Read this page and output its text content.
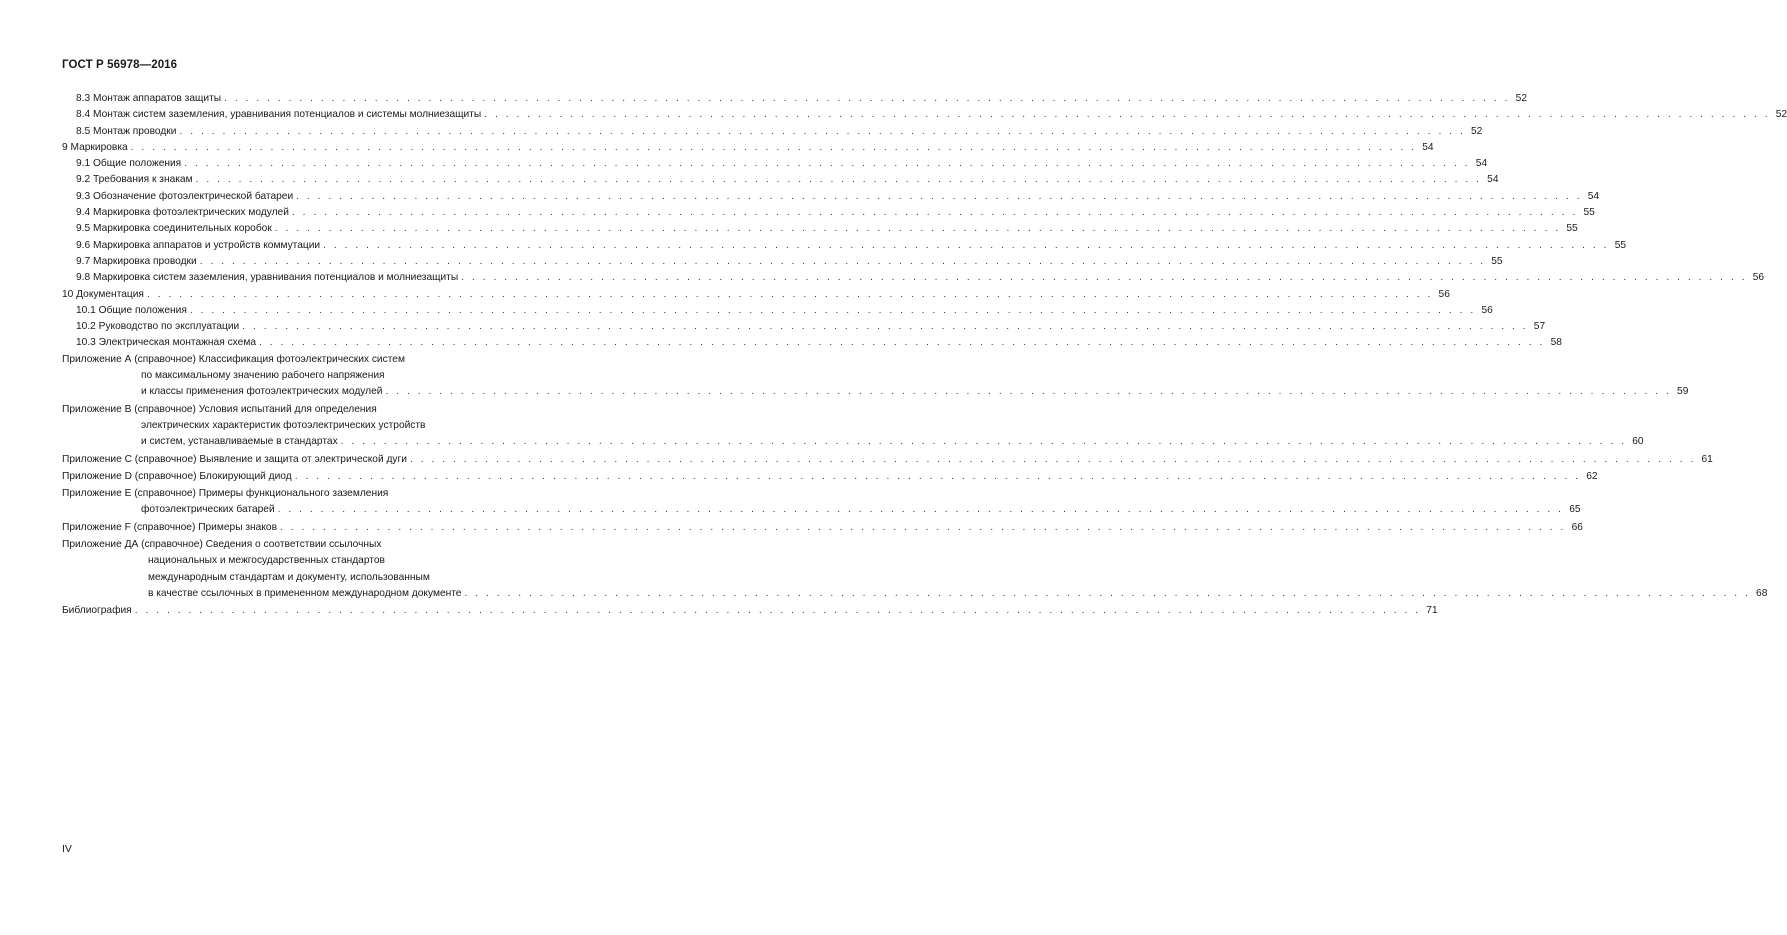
ГОСТ Р 56978—2016
8.3 Монтаж аппаратов защиты . . . . . . . . . . . . . . . . . . . . . . . . . . . . . . . . . . . . . . . . . . . . . . . . . . . . . . . . . . . . . . . . . . . . . . . . . . . . . . . . . . . . . . . . . . . . . . . . . . . . . . . . . . . . . . . . . . . . . . . . 52
8.4 Монтаж систем заземления, уравнивания потенциалов и системы молниезащиты . . . . . . . . . . . . . . . . . . . . . . . . . . . . . . . . . . . . . . . . . . . . . . . . . . . . . . . . . . . . . . . . . . . . . . . . . . . . . . . . . . . . . . . . . . . . . . . . . . . . . . . . . . . . . . . . . . . . . . . . 52
8.5 Монтаж проводки . . . . . . . . . . . . . . . . . . . . . . . . . . . . . . . . . . . . . . . . . . . . . . . . . . . . . . . . . . . . . . . . . . . . . . . . . . . . . . . . . . . . . . . . . . . . . . . . . . . . . . . . . . . . . . . . . . . . . . . . 52
9 Маркировка . . . . . . . . . . . . . . . . . . . . . . . . . . . . . . . . . . . . . . . . . . . . . . . . . . . . . . . . . . . . . . . . . . . . . . . . . . . . . . . . . . . . . . . . . . . . . . . . . . . . . . . . . . . . . . . . . . . . . . . . 54
9.1 Общие положения . . . . . . . . . . . . . . . . . . . . . . . . . . . . . . . . . . . . . . . . . . . . . . . . . . . . . . . . . . . . . . . . . . . . . . . . . . . . . . . . . . . . . . . . . . . . . . . . . . . . . . . . . . . . . . . . . . . . . . . . 54
9.2 Требования к знакам . . . . . . . . . . . . . . . . . . . . . . . . . . . . . . . . . . . . . . . . . . . . . . . . . . . . . . . . . . . . . . . . . . . . . . . . . . . . . . . . . . . . . . . . . . . . . . . . . . . . . . . . . . . . . . . . . . . . . . . . 54
9.3 Обозначение фотоэлектрической батареи . . . . . . . . . . . . . . . . . . . . . . . . . . . . . . . . . . . . . . . . . . . . . . . . . . . . . . . . . . . . . . . . . . . . . . . . . . . . . . . . . . . . . . . . . . . . . . . . . . . . . . . . . . . . . . . . . . . . . . . . 54
9.4 Маркировка фотоэлектрических модулей . . . . . . . . . . . . . . . . . . . . . . . . . . . . . . . . . . . . . . . . . . . . . . . . . . . . . . . . . . . . . . . . . . . . . . . . . . . . . . . . . . . . . . . . . . . . . . . . . . . . . . . . . . . . . . . . . . . . . . . . 55
9.5 Маркировка соединительных коробок . . . . . . . . . . . . . . . . . . . . . . . . . . . . . . . . . . . . . . . . . . . . . . . . . . . . . . . . . . . . . . . . . . . . . . . . . . . . . . . . . . . . . . . . . . . . . . . . . . . . . . . . . . . . . . . . . . . . . . . . 55
9.6 Маркировка аппаратов и устройств коммутации . . . . . . . . . . . . . . . . . . . . . . . . . . . . . . . . . . . . . . . . . . . . . . . . . . . . . . . . . . . . . . . . . . . . . . . . . . . . . . . . . . . . . . . . . . . . . . . . . . . . . . . . . . . . . . . . . . . . . . . . 55
9.7 Маркировка проводки . . . . . . . . . . . . . . . . . . . . . . . . . . . . . . . . . . . . . . . . . . . . . . . . . . . . . . . . . . . . . . . . . . . . . . . . . . . . . . . . . . . . . . . . . . . . . . . . . . . . . . . . . . . . . . . . . . . . . . . . 55
9.8 Маркировка систем заземления, уравнивания потенциалов и молниезащиты . . . . . . . . . . . . . . . . . . . . . . . . . . . . . . . . . . . . . . . . . . . . . . . . . . . . . . . . . . . . . . . . . . . . . . . . . . . . . . . . . . . . . . . . . . . . . . . . . . . . . . . . . . . . . . . . . . . . . . . . 56
10 Документация . . . . . . . . . . . . . . . . . . . . . . . . . . . . . . . . . . . . . . . . . . . . . . . . . . . . . . . . . . . . . . . . . . . . . . . . . . . . . . . . . . . . . . . . . . . . . . . . . . . . . . . . . . . . . . . . . . . . . . . . 56
10.1 Общие положения . . . . . . . . . . . . . . . . . . . . . . . . . . . . . . . . . . . . . . . . . . . . . . . . . . . . . . . . . . . . . . . . . . . . . . . . . . . . . . . . . . . . . . . . . . . . . . . . . . . . . . . . . . . . . . . . . . . . . . . . 56
10.2 Руководство по эксплуатации . . . . . . . . . . . . . . . . . . . . . . . . . . . . . . . . . . . . . . . . . . . . . . . . . . . . . . . . . . . . . . . . . . . . . . . . . . . . . . . . . . . . . . . . . . . . . . . . . . . . . . . . . . . . . . . . . . . . . . . . 57
10.3 Электрическая монтажная схема . . . . . . . . . . . . . . . . . . . . . . . . . . . . . . . . . . . . . . . . . . . . . . . . . . . . . . . . . . . . . . . . . . . . . . . . . . . . . . . . . . . . . . . . . . . . . . . . . . . . . . . . . . . . . . . . . . . . . . . . 58
Приложение А (справочное) Классификация фотоэлектрических систем
по максимальному значению рабочего напряжения
и классы применения фотоэлектрических модулей . . . . . . . . . . . . . . . . . . . . . . . . . . . . . . . . . . . . . . . . . . . . . . . . . . . . . . . . . . . . . . . . . . . . . . . . . . . . . . . . . . . . . . . . . . . . . . . . . . . . . . . . . . . . . . . . . . . . . . . . 59
Приложение В (справочное) Условия испытаний для определения
электрических характеристик фотоэлектрических устройств
и систем, устанавливаемые в стандартах . . . . . . . . . . . . . . . . . . . . . . . . . . . . . . . . . . . . . . . . . . . . . . . . . . . . . . . . . . . . . . . . . . . . . . . . . . . . . . . . . . . . . . . . . . . . . . . . . . . . . . . . . . . . . . . . . . . . . . . . 60
Приложение С (справочное) Выявление и защита от электрической дуги . . . . . . . . . . . . . . . . . . . . . . . . . . . . . . . . . . . . . . . . . . . . . . . . . . . . . . . . . . . . . . . . . . . . . . . . . . . . . . . . . . . . . . . . . . . . . . . . . . . . . . . . . . . . . . . . . . . . . . . . 61
Приложение D (справочное) Блокирующий диод . . . . . . . . . . . . . . . . . . . . . . . . . . . . . . . . . . . . . . . . . . . . . . . . . . . . . . . . . . . . . . . . . . . . . . . . . . . . . . . . . . . . . . . . . . . . . . . . . . . . . . . . . . . . . . . . . . . . . . . . 62
Приложение Е (справочное) Примеры функционального заземления
фотоэлектрических батарей . . . . . . . . . . . . . . . . . . . . . . . . . . . . . . . . . . . . . . . . . . . . . . . . . . . . . . . . . . . . . . . . . . . . . . . . . . . . . . . . . . . . . . . . . . . . . . . . . . . . . . . . . . . . . . . . . . . . . . . . 65
Приложение F (справочное) Примеры знаков . . . . . . . . . . . . . . . . . . . . . . . . . . . . . . . . . . . . . . . . . . . . . . . . . . . . . . . . . . . . . . . . . . . . . . . . . . . . . . . . . . . . . . . . . . . . . . . . . . . . . . . . . . . . . . . . . . . . . . . . 66
Приложение ДА (справочное) Сведения о соответствии ссылочных
национальных и межгосударственных стандартов
международным стандартам и документу, использованным
в качестве ссылочных в примененном международном документе . . . . . . . . . . . . . . . . . . . . . . . . . . . . . . . . . . . . . . . . . . . . . . . . . . . . . . . . . . . . . . . . . . . . . . . . . . . . . . . . . . . . . . . . . . . . . . . . . . . . . . . . . . . . . . . . . . . . . . . . 68
Библиография . . . . . . . . . . . . . . . . . . . . . . . . . . . . . . . . . . . . . . . . . . . . . . . . . . . . . . . . . . . . . . . . . . . . . . . . . . . . . . . . . . . . . . . . . . . . . . . . . . . . . . . . . . . . . . . . . . . . . . . . 71
IV
